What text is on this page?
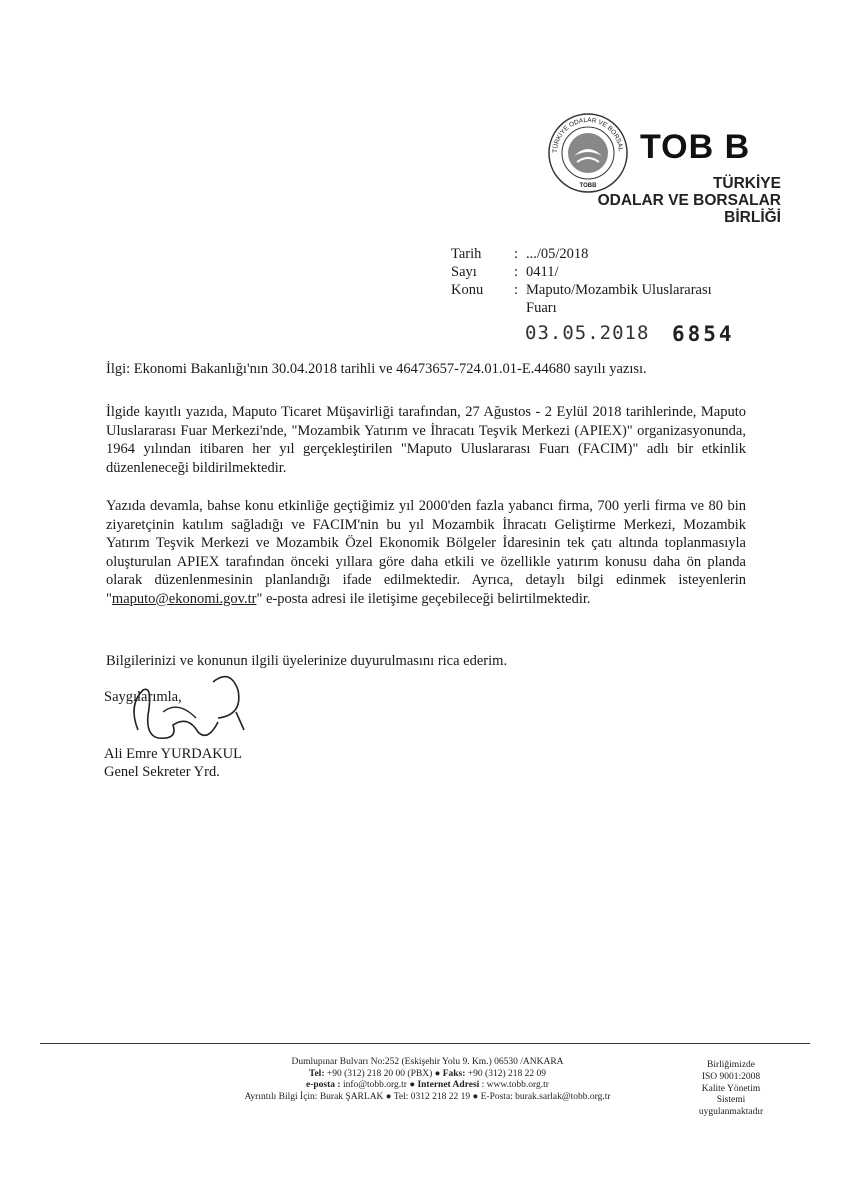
TÜRKİYE ODALAR VE BORSAL
TOBB
TOB B
TÜRKİYE
ODALAR VE BORSALAR
BİRLİĞİ
Tarih	: .../05/2018
Sayı	: 0411/
Konu	: Maputo/Mozambik Uluslararası
Fuarı
03.05.2018 6854
İlgi: Ekonomi Bakanlığı'nın 30.04.2018 tarihli ve 46473657-724.01.01-E.44680 sayılı yazısı.
İlgide kayıtlı yazıda, Maputo Ticaret Müşavirliği tarafından, 27 Ağustos - 2 Eylül 2018 tarihlerinde, Maputo Uluslararası Fuar Merkezi'nde, "Mozambik Yatırım ve İhracatı Teşvik Merkezi (APIEX)" organizasyonunda, 1964 yılından itibaren her yıl gerçekleştirilen "Maputo Uluslararası Fuarı (FACIM)" adlı bir etkinlik düzenleneceği bildirilmektedir.
Yazıda devamla, bahse konu etkinliğe geçtiğimiz yıl 2000'den fazla yabancı firma, 700 yerli firma ve 80 bin ziyaretçinin katılım sağladığı ve FACIM'nin bu yıl Mozambik İhracatı Geliştirme Merkezi, Mozambik Yatırım Teşvik Merkezi ve Mozambik Özel Ekonomik Bölgeler İdaresinin tek çatı altında toplanmasıyla oluşturulan APIEX tarafından önceki yıllara göre daha etkili ve özellikle yatırım konusu daha ön planda olarak düzenlenmesinin planlandığı ifade edilmektedir. Ayrıca, detaylı bilgi edinmek isteyenlerin "maputo@ekonomi.gov.tr" e-posta adresi ile iletişime geçebileceği belirtilmektedir.
Bilgilerinizi ve konunun ilgili üyelerinize duyurulmasını rica ederim.
Saygılarımla,
Ali Emre YURDAKUL
Genel Sekreter Yrd.
Dumlupınar Bulvarı No:252 (Eskişehir Yolu 9. Km.) 06530 /ANKARA
Tel: +90 (312) 218 20 00 (PBX) ● Faks: +90 (312) 218 22 09
e-posta : info@tobb.org.tr ● Internet Adresi : www.tobb.org.tr
Ayrıntılı Bilgi İçin: Burak ŞARLAK ● Tel: 0312 218 22 19 ● E-Posta: burak.sarlak@tobb.org.tr
Birliğimizde
ISO 9001:2008
Kalite Yönetim
Sistemi
uygulanmaktadır
